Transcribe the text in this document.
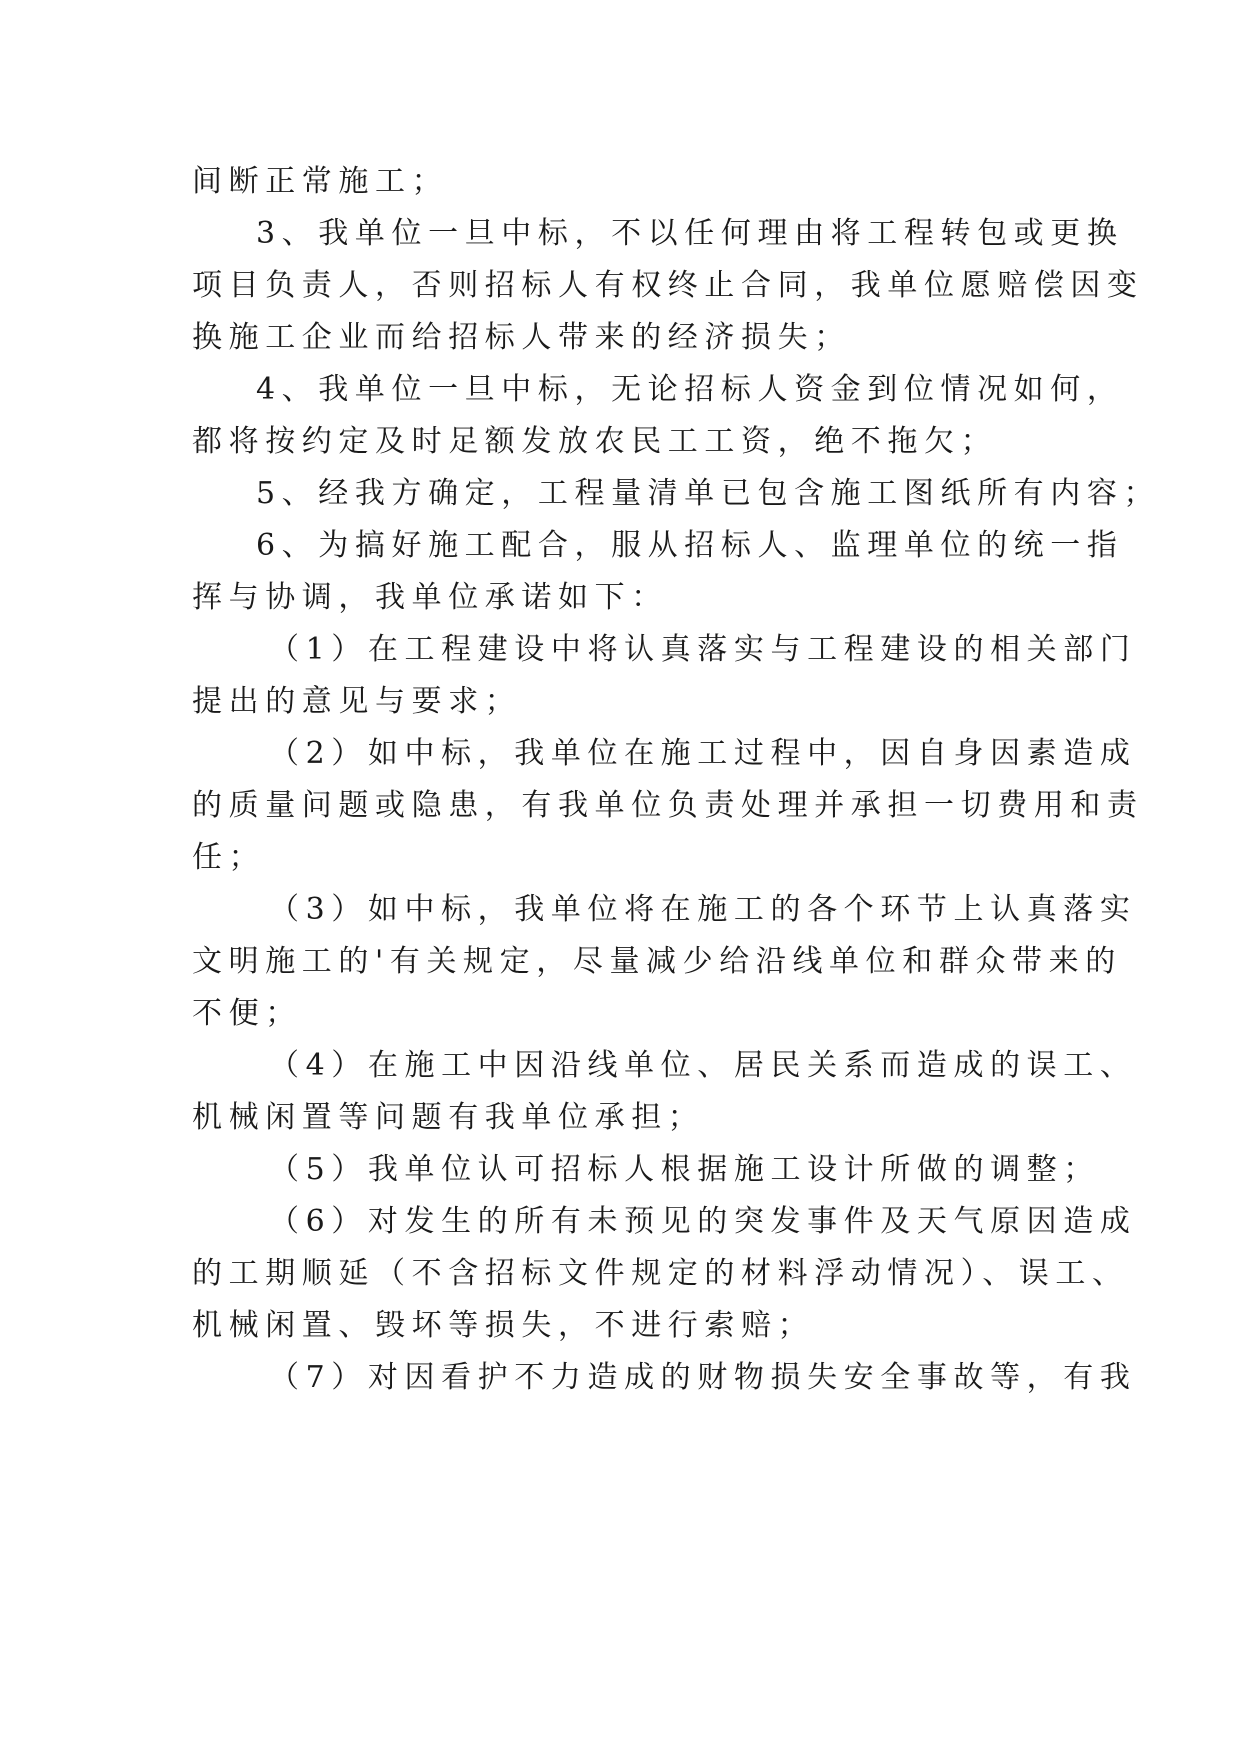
间断正常施工；
3、我单位一旦中标，不以任何理由将工程转包或更换
项目负责人，否则招标人有权终止合同，我单位愿赔偿因变
换施工企业而给招标人带来的经济损失；
4、我单位一旦中标，无论招标人资金到位情况如何，
都将按约定及时足额发放农民工工资，绝不拖欠；
5、经我方确定，工程量清单已包含施工图纸所有内容；
6、为搞好施工配合，服从招标人、监理单位的统一指
挥与协调，我单位承诺如下：
（1）在工程建设中将认真落实与工程建设的相关部门
提出的意见与要求；
（2）如中标，我单位在施工过程中，因自身因素造成
的质量问题或隐患，有我单位负责处理并承担一切费用和责
任；
（3）如中标，我单位将在施工的各个环节上认真落实
文明施工的'有关规定，尽量减少给沿线单位和群众带来的
不便；
（4）在施工中因沿线单位、居民关系而造成的误工、
机械闲置等问题有我单位承担；
（5）我单位认可招标人根据施工设计所做的调整；
（6）对发生的所有未预见的突发事件及天气原因造成
的工期顺延（不含招标文件规定的材料浮动情况）、误工、
机械闲置、毁坏等损失，不进行索赔；
（7）对因看护不力造成的财物损失安全事故等，有我
